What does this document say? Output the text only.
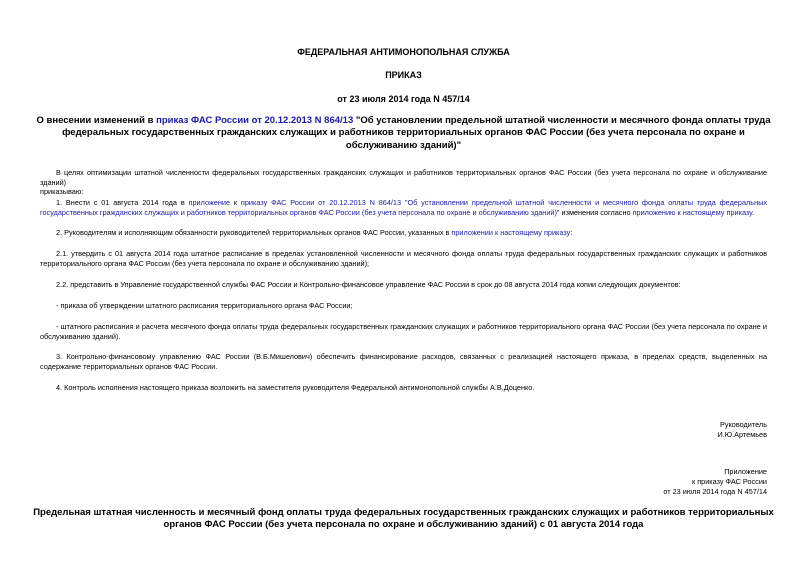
ФЕДЕРАЛЬНАЯ АНТИМОНОПОЛЬНАЯ СЛУЖБА
ПРИКАЗ
от 23 июля 2014 года N 457/14
О внесении изменений в приказ ФАС России от 20.12.2013 N 864/13 "Об установлении предельной штатной численности и месячного фонда оплаты труда федеральных государственных гражданских служащих и работников территориальных органов ФАС России (без учета персонала по охране и обслуживанию зданий)"
В целях оптимизации штатной численности федеральных государственных гражданских служащих и работников территориальных органов ФАС России (без учета персонала по охране и обслуживание зданий)
приказываю:
1. Внести с 01 августа 2014 года в приложение к приказу ФАС России от 20.12.2013 N 864/13 "Об установлении предельной штатной численности и месячного фонда оплаты труда федеральных государственных гражданских служащих и работников территориальных органов ФАС России (без учета персонала по охране и обслуживанию зданий)" изменения согласно приложению к настоящему приказу.
2. Руководителям и исполняющим обязанности руководителей территориальных органов ФАС России, указанных в приложении к настоящему приказу:
2.1. утвердить с 01 августа 2014 года штатное расписание в пределах установленной численности и месячного фонда оплаты труда федеральных государственных гражданских служащих и работников территориального органа ФАС России (без учета персонала по охране и обслуживанию зданий);
2.2. представить в Управление государственной службы ФАС России и Контрольно-финансовое управление ФАС России в срок до 08 августа 2014 года копии следующих документов:
- приказа об утверждении штатного расписания территориального органа ФАС России;
- штатного расписания и расчета месячного фонда оплаты труда федеральных государственных гражданских служащих и работников территориального органа ФАС России (без учета персонала по охране и обслуживанию зданий).
3. Контрольно-финансовому управлению ФАС России (В.Б.Мишелович) обеспечить финансирование расходов, связанных с реализацией настоящего приказа, в пределах средств, выделенных на содержание территориальных органов ФАС России.
4. Контроль исполнения настоящего приказа возложить на заместителя руководителя Федеральной антимонопольной службы А.В.Доценко.
Руководитель
И.Ю.Артемьев
Приложение
к приказу ФАС России
от 23 июля 2014 года N 457/14
Предельная штатная численность и месячный фонд оплаты труда федеральных государственных гражданских служащих и работников территориальных органов ФАС России (без учета персонала по охране и обслуживанию зданий) с 01 августа 2014 года
